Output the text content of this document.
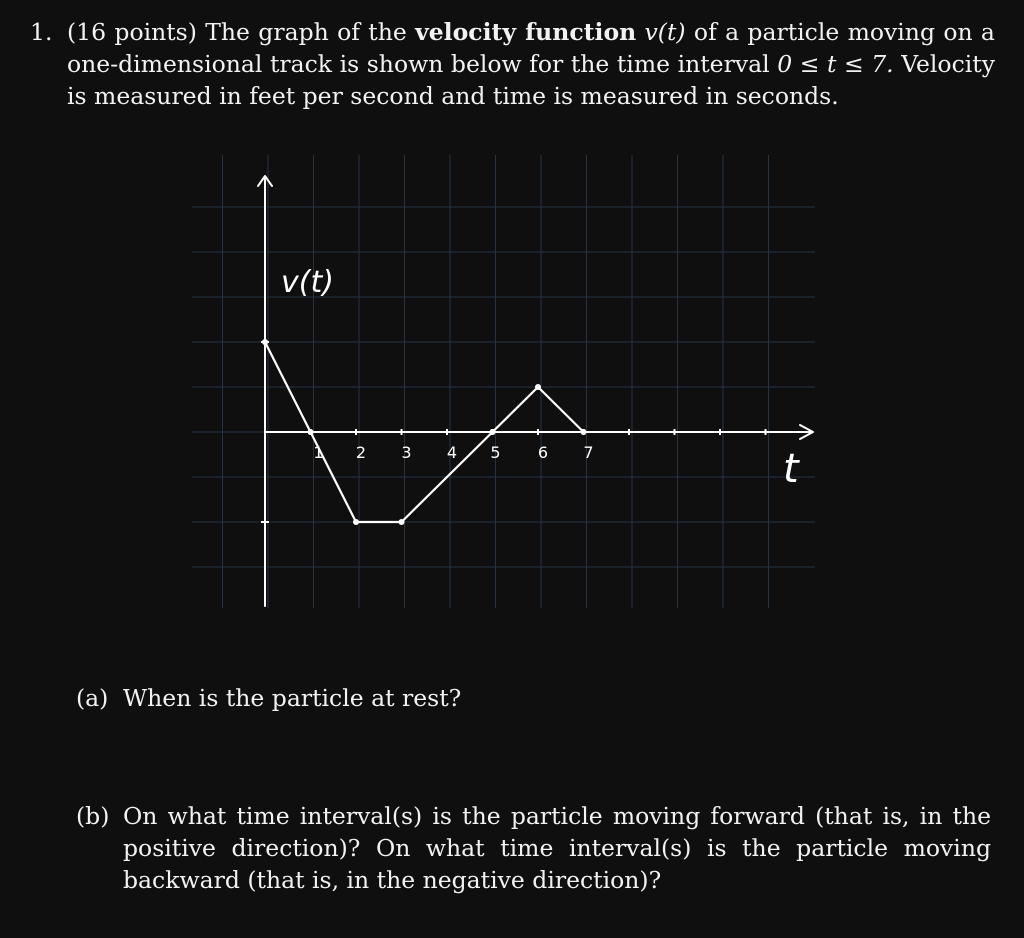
1. (16 points) The graph of the velocity function v(t) of a particle moving on a one-dimensional track is shown below for the time interval 0 ≤ t ≤ 7. Velocity is measured in feet per second and time is measured in seconds.
1 2 3 4 5 6 7
v(t)
t
(a) When is the particle at rest?
(b) On what time interval(s) is the particle moving forward (that is, in the positive direction)? On what time interval(s) is the particle moving backward (that is, in the negative direction)?
